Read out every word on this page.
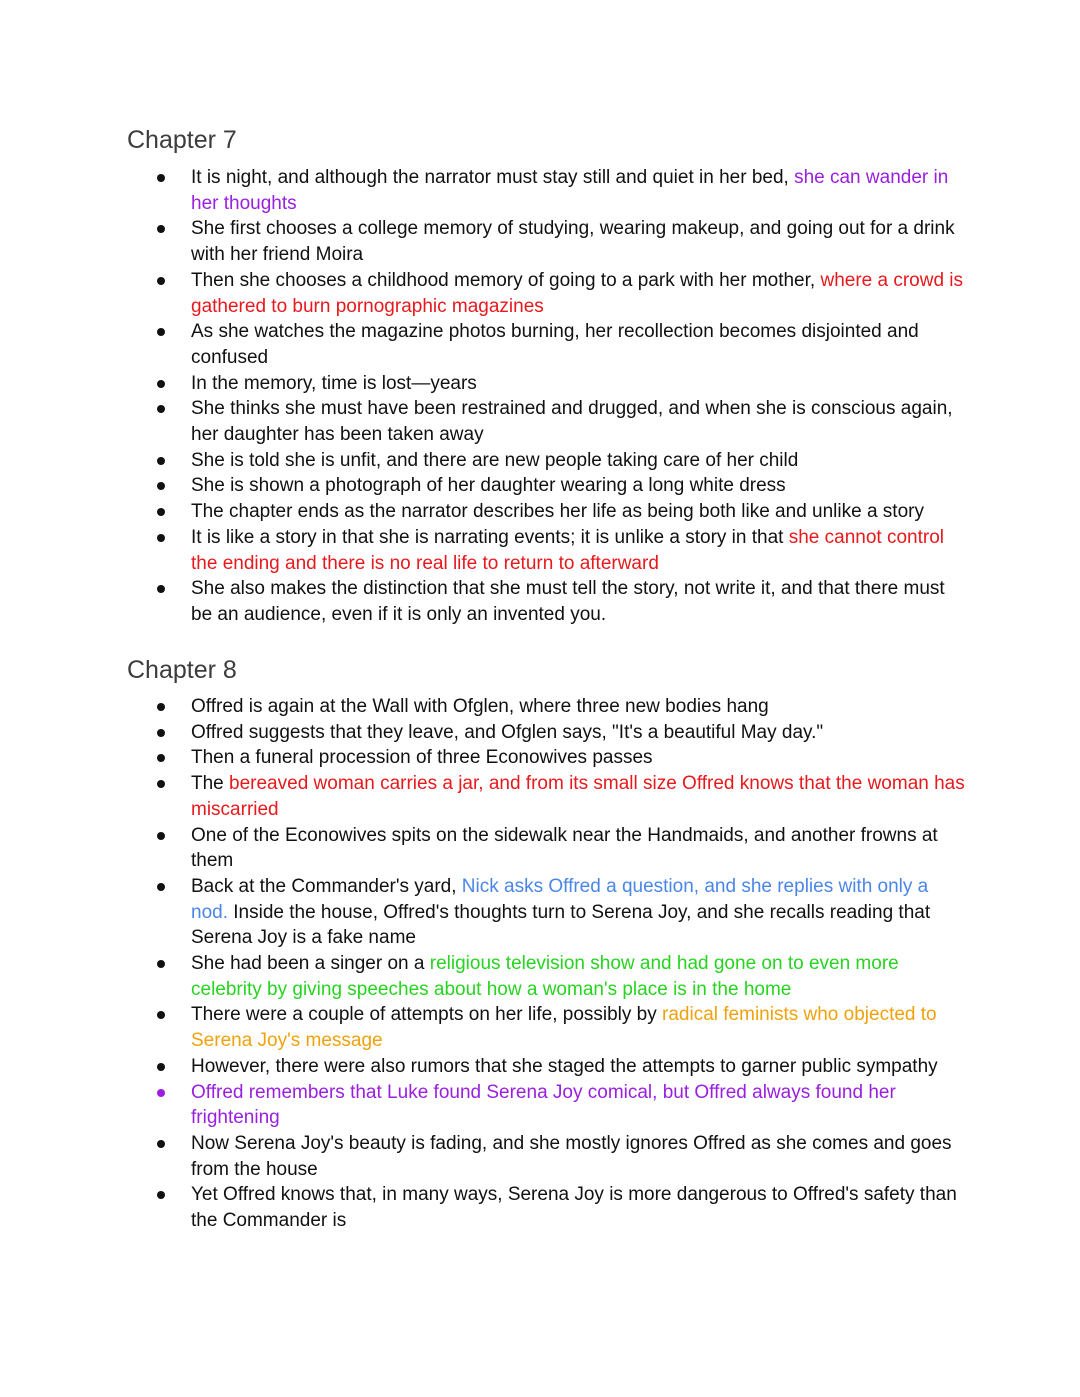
Chapter 7
It is night, and although the narrator must stay still and quiet in her bed, she can wander in her thoughts
She first chooses a college memory of studying, wearing makeup, and going out for a drink with her friend Moira
Then she chooses a childhood memory of going to a park with her mother, where a crowd is gathered to burn pornographic magazines
As she watches the magazine photos burning, her recollection becomes disjointed and confused
In the memory, time is lost—years
She thinks she must have been restrained and drugged, and when she is conscious again, her daughter has been taken away
She is told she is unfit, and there are new people taking care of her child
She is shown a photograph of her daughter wearing a long white dress
The chapter ends as the narrator describes her life as being both like and unlike a story
It is like a story in that she is narrating events; it is unlike a story in that she cannot control the ending and there is no real life to return to afterward
She also makes the distinction that she must tell the story, not write it, and that there must be an audience, even if it is only an invented you.
Chapter 8
Offred is again at the Wall with Ofglen, where three new bodies hang
Offred suggests that they leave, and Ofglen says, "It's a beautiful May day."
Then a funeral procession of three Econowives passes
The bereaved woman carries a jar, and from its small size Offred knows that the woman has miscarried
One of the Econowives spits on the sidewalk near the Handmaids, and another frowns at them
Back at the Commander's yard, Nick asks Offred a question, and she replies with only a nod. Inside the house, Offred's thoughts turn to Serena Joy, and she recalls reading that Serena Joy is a fake name
She had been a singer on a religious television show and had gone on to even more celebrity by giving speeches about how a woman's place is in the home
There were a couple of attempts on her life, possibly by radical feminists who objected to Serena Joy's message
However, there were also rumors that she staged the attempts to garner public sympathy
Offred remembers that Luke found Serena Joy comical, but Offred always found her frightening
Now Serena Joy's beauty is fading, and she mostly ignores Offred as she comes and goes from the house
Yet Offred knows that, in many ways, Serena Joy is more dangerous to Offred's safety than the Commander is
